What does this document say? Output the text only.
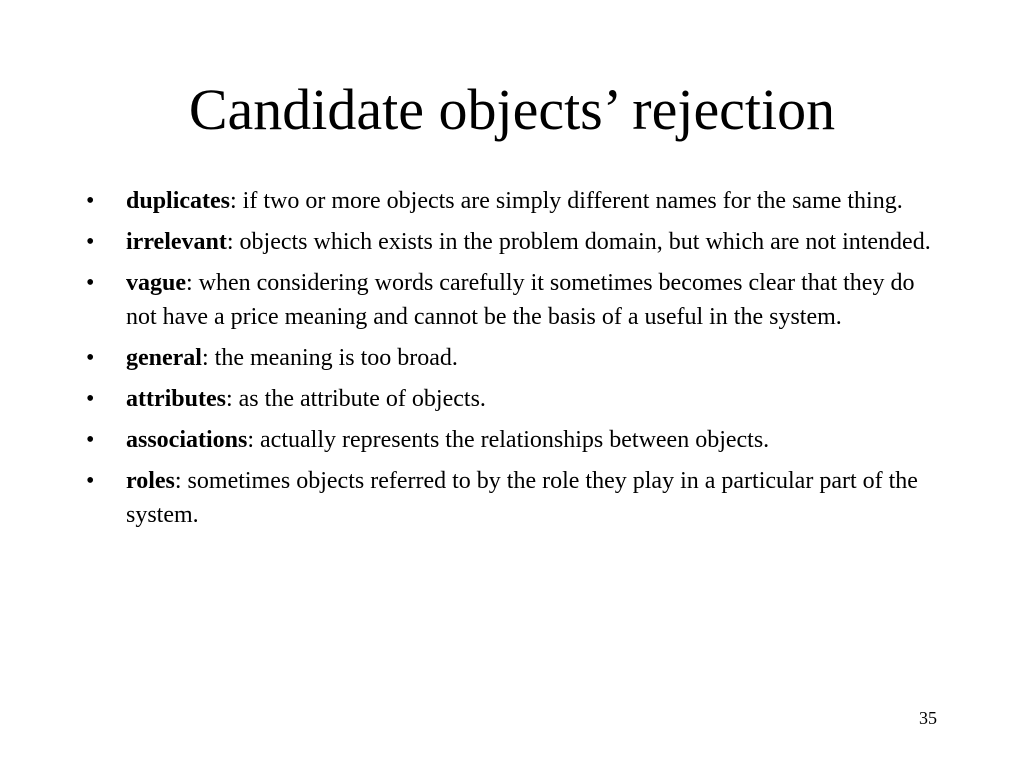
Candidate objects’ rejection
• duplicates: if two or more objects are simply different names for the same thing.
• irrelevant: objects which exists in the problem domain, but which are not intended.
• vague: when considering words carefully it sometimes becomes clear that they do not have a price meaning and cannot be the basis of a useful in the system.
• general: the meaning is too broad.
• attributes: as the attribute of objects.
• associations: actually represents the relationships between objects.
• roles: sometimes objects referred to by the role they play in a particular part of the system.
35
